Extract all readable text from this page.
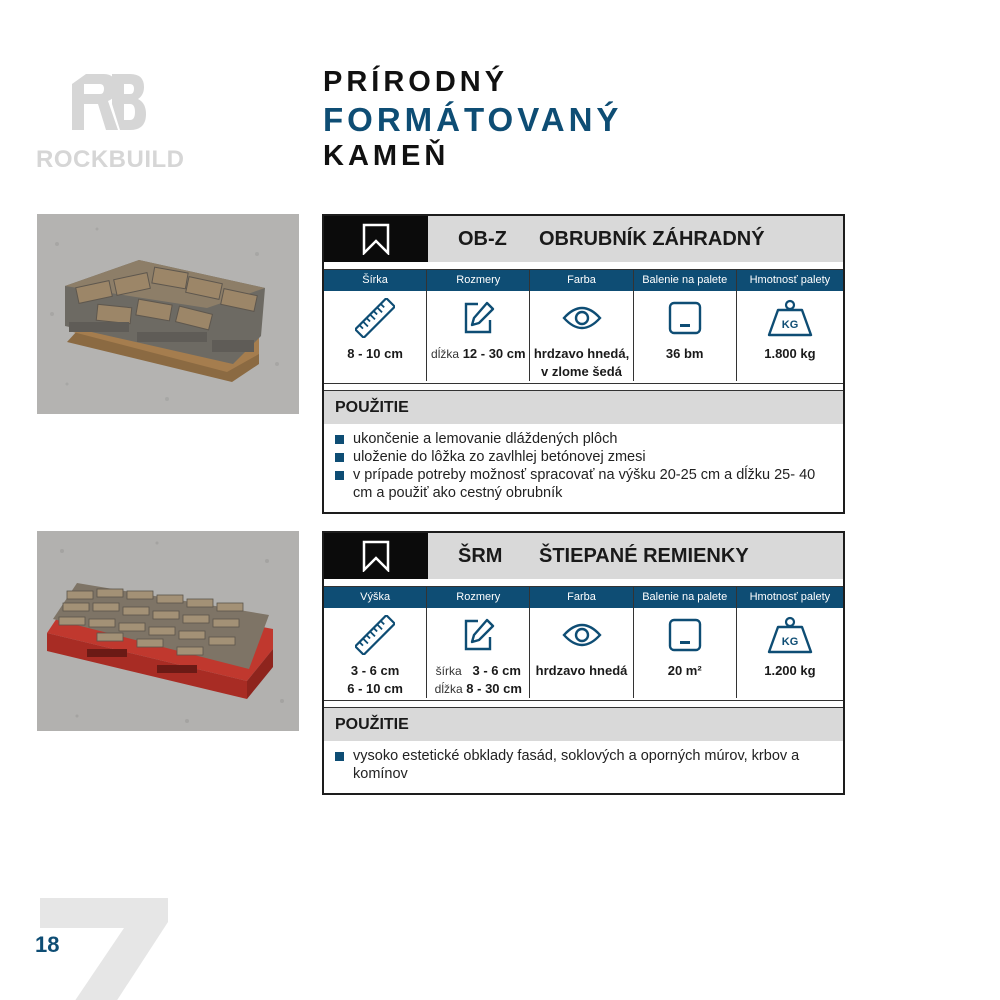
ROCKBUILD
PRÍRODNÝ
FORMÁTOVANÝ
KAMEŇ
OB-Z	OBRUBNÍK ZÁHRADNÝ
Šírka
8 - 10 cm
Rozmery
dĺžka 12 - 30 cm
Farba
hrdzavo hnedá,
v zlome šedá
Balenie na palete
36 bm
Hmotnosť palety
KG
1.800 kg
POUŽITIE
ukončenie a lemovanie dláždených plôch
uloženie do lôžka zo zavlhlej betónovej zmesi
v prípade potreby možnosť spracovať na výšku 20-25 cm a dĺžku 25- 40 cm a použiť ako cestný obrubník
ŠRM	ŠTIEPANÉ REMIENKY
Výška
3 - 6 cm
6 - 10 cm
Rozmery
šírka 3 - 6 cm
dĺžka 8 - 30 cm
Farba
hrdzavo hnedá
Balenie na palete
20 m²
Hmotnosť palety
KG
1.200 kg
POUŽITIE
vysoko estetické obklady fasád, soklových a oporných múrov, krbov a komínov
18
